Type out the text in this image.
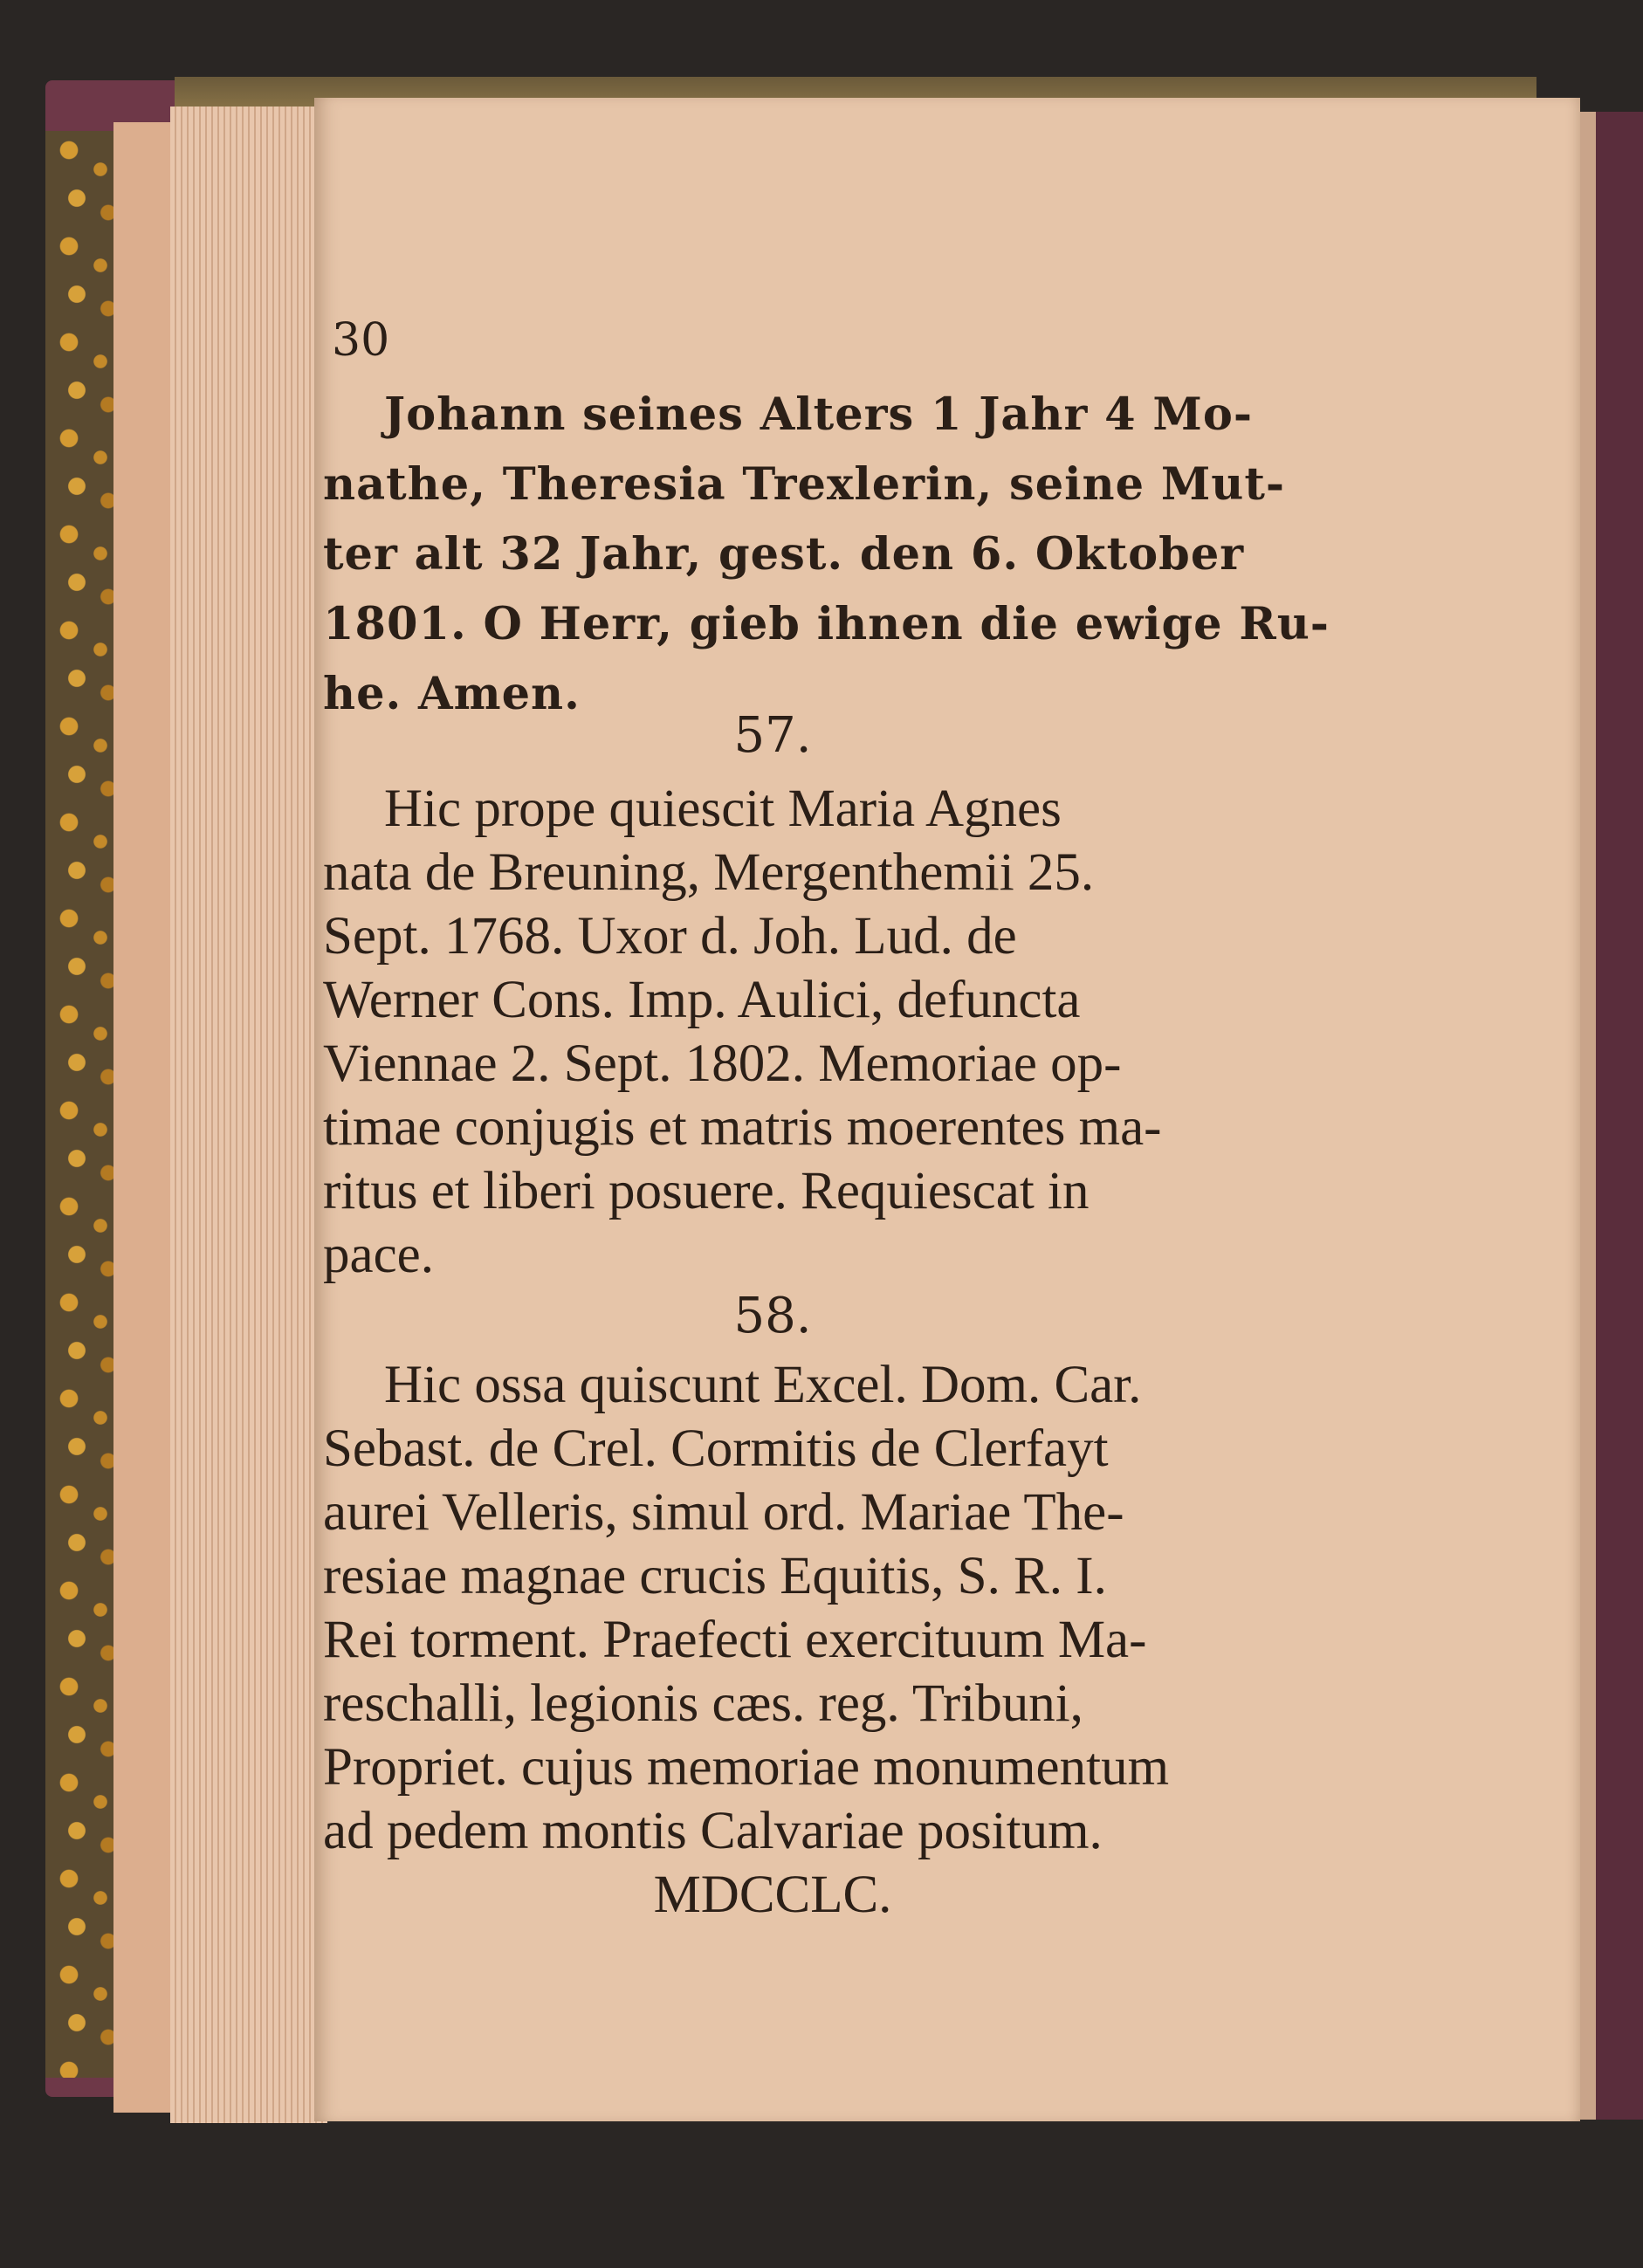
30
Johann seines Alters 1 Jahr 4 Mo-
nathe, Theresia Trexlerin, seine Mut-
ter alt 32 Jahr, gest. den 6. Oktober
1801. O Herr, gieb ihnen die ewige Ru-
he. Amen.
57.
Hic prope quiescit Maria Agnes
nata de Breuning, Mergenthemii 25.
Sept. 1768. Uxor d. Joh. Lud. de
Werner Cons. Imp. Aulici, defuncta
Viennae 2. Sept. 1802. Memoriae op-
timae conjugis et matris moerentes ma-
ritus et liberi posuere. Requiescat in
pace.
58.
Hic ossa quiscunt Excel. Dom. Car.
Sebast. de Crel. Cormitis de Clerfayt
aurei Velleris, simul ord. Mariae The-
resiae magnae crucis Equitis, S. R. I.
Rei torment. Praefecti exercituum Ma-
reschalli, legionis cæs. reg. Tribuni,
Propriet. cujus memoriae monumentum
ad pedem montis Calvariae positum.
MDCCLC.
